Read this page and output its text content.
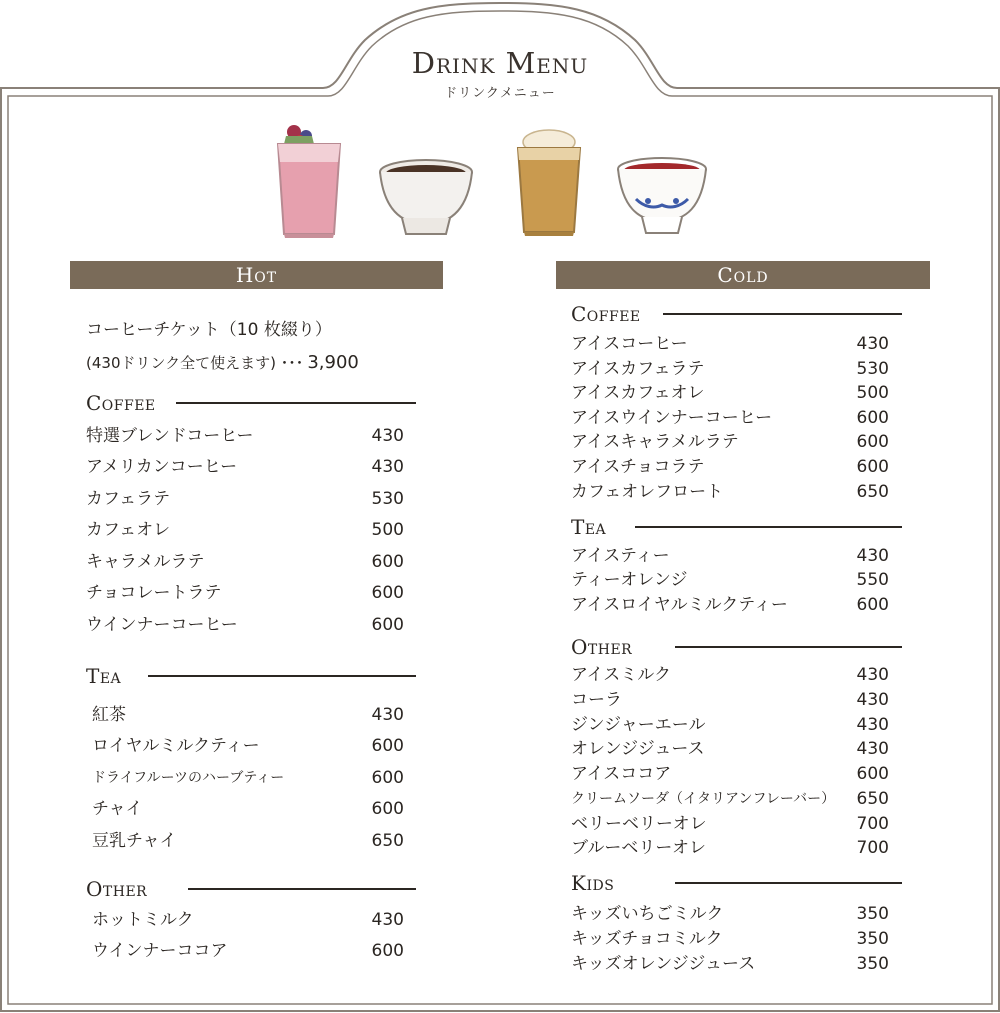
Drink Menu
ドリンクメニュー
Hot	Cold
コーヒーチケット（10 枚綴り）
(430ドリンク全て使えます) ･･･ 3,900
Coffee
特選ブレンドコーヒー	430
アメリカンコーヒー	430
カフェラテ	530
カフェオレ	500
キャラメルラテ	600
チョコレートラテ	600
ウインナーコーヒー	600
Tea
紅茶	430
ロイヤルミルクティー	600
ドライフルーツのハーブティー	600
チャイ	600
豆乳チャイ	650
Other
ホットミルク	430
ウインナーココア	600
Coffee
アイスコーヒー	430
アイスカフェラテ	530
アイスカフェオレ	500
アイスウインナーコーヒー	600
アイスキャラメルラテ	600
アイスチョコラテ	600
カフェオレフロート	650
Tea
アイスティー	430
ティーオレンジ	550
アイスロイヤルミルクティー	600
Other
アイスミルク	430
コーラ	430
ジンジャーエール	430
オレンジジュース	430
アイスココア	600
クリームソーダ（イタリアンフレーバー）	650
ベリーベリーオレ	700
ブルーベリーオレ	700
Kids
キッズいちごミルク	350
キッズチョコミルク	350
キッズオレンジジュース	350
